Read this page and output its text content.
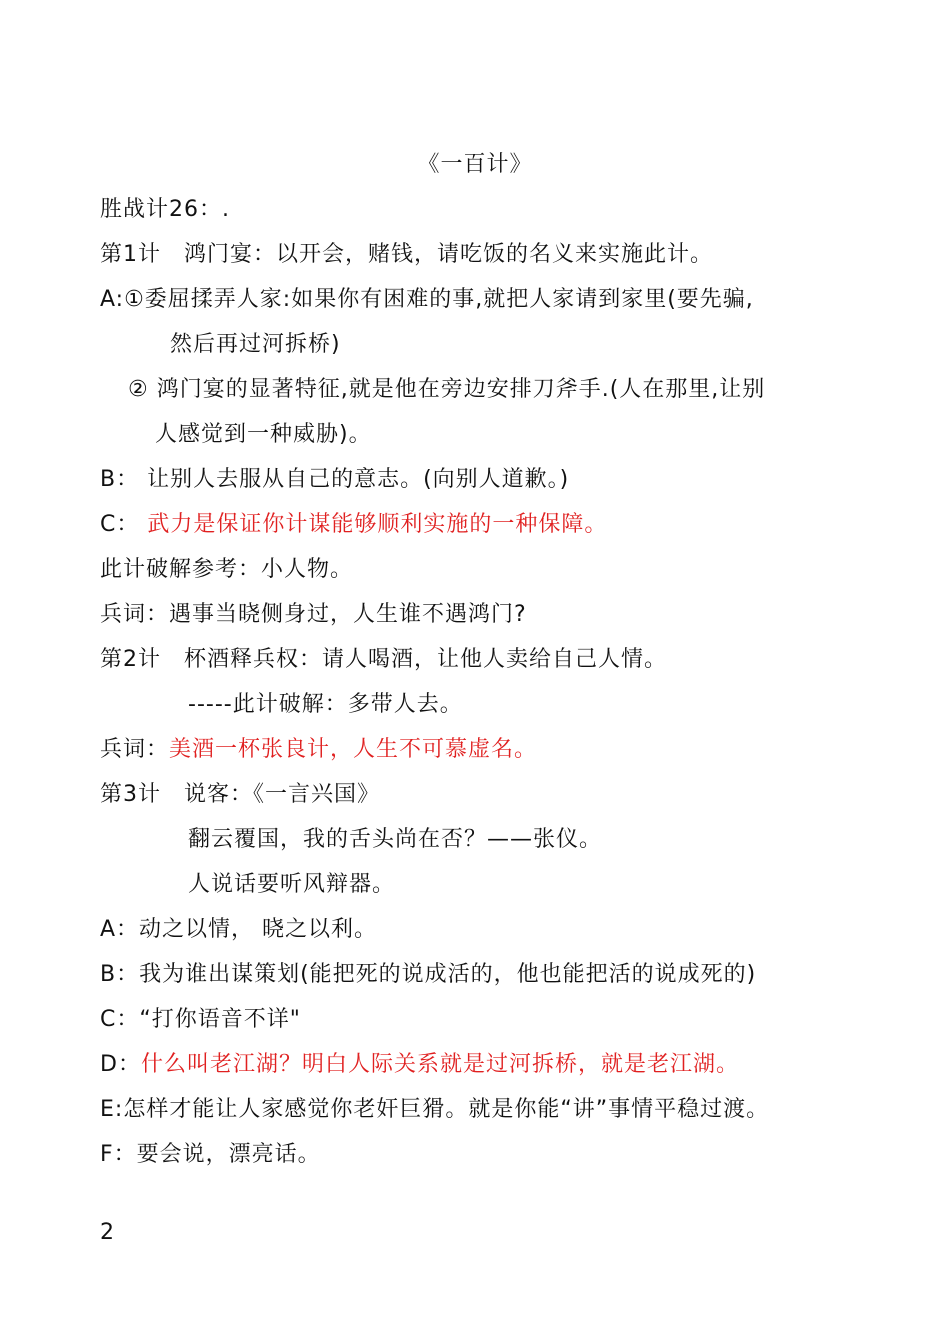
《一百计》
胜战计26：.
第1计　鸿门宴：以开会，赌钱，请吃饭的名义来实施此计。
A:①委屈揉弄人家:如果你有困难的事,就把人家请到家里(要先骗,
然后再过河拆桥)
② 鸿门宴的显著特征,就是他在旁边安排刀斧手.(人在那里,让别
人感觉到一种威胁)。
B： 让别人去服从自己的意志。(向别人道歉。)
C： 武力是保证你计谋能够顺利实施的一种保障。
此计破解参考：小人物。
兵词：遇事当晓侧身过，人生谁不遇鸿门?
第2计　杯酒释兵权：请人喝酒，让他人卖给自己人情。
-----此计破解：多带人去。
兵词：美酒一杯张良计，人生不可慕虚名。
第3计　说客：《一言兴国》
翻云覆国，我的舌头尚在否？——张仪。
人说话要听风辩器。
A：动之以情， 晓之以利。
B：我为谁出谋策划(能把死的说成活的，他也能把活的说成死的)
C：“打你语音不详"
D：什么叫老江湖？明白人际关系就是过河拆桥，就是老江湖。
E:怎样才能让人家感觉你老奸巨猾。就是你能“讲”事情平稳过渡。
F：要会说，漂亮话。
2
